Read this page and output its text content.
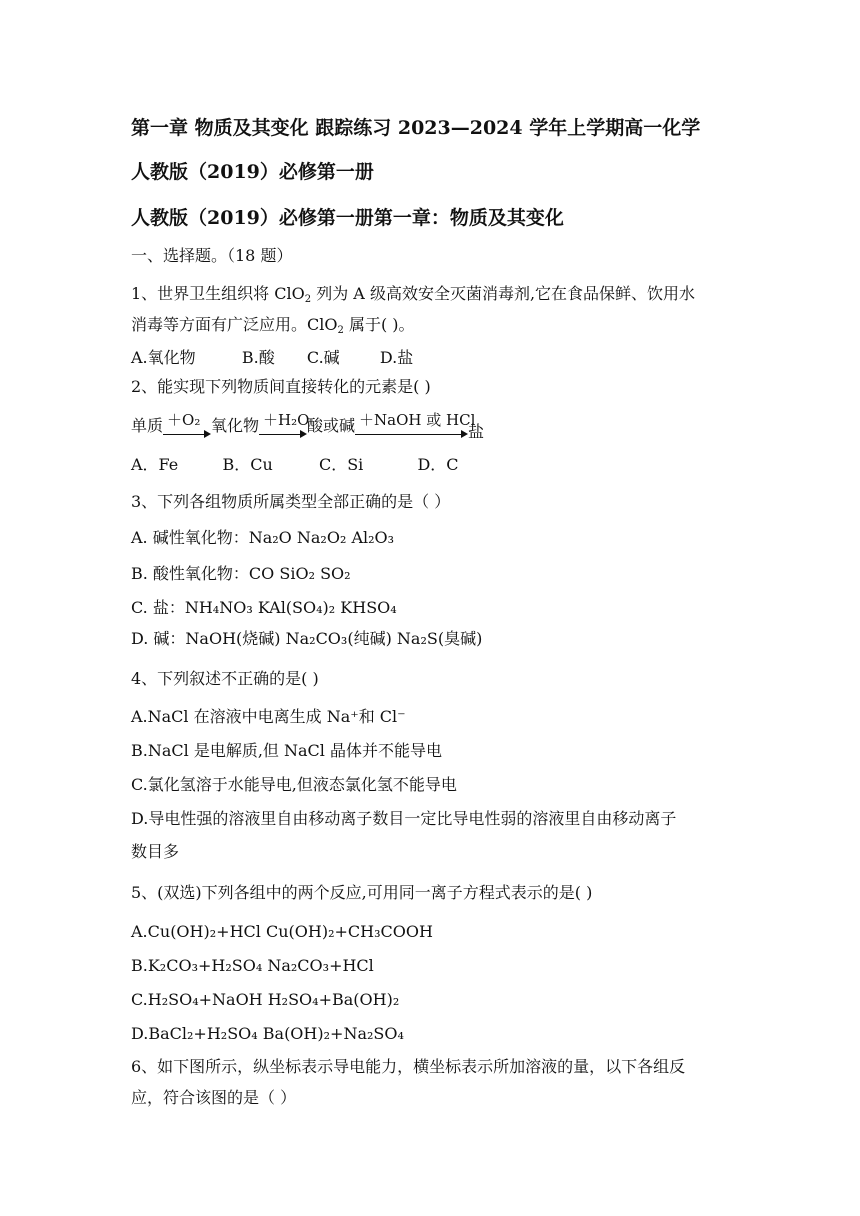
第一章 物质及其变化 跟踪练习 2023—2024 学年上学期高一化学
人教版（2019）必修第一册
人教版（2019）必修第一册第一章：物质及其变化
一、选择题。（18 题）
1、世界卫生组织将 ClO$_2$ 列为 A 级高效安全灭菌消毒剂,它在食品保鲜、饮用水
消毒等方面有广泛应用。ClO$_2$ 属于( )。
A.氧化物	B.酸 C.碱	D.盐
2、能实现下列物质间直接转化的元素是( )
单质 ＋O₂ 氧化物 ＋H₂O
酸或碱 ＋NaOH 或 HCl
盐
A．Fe	B．Cu	C．Si	D．C
3、下列各组物质所属类型全部正确的是（ ）
A. 碱性氧化物：Na₂O Na₂O₂ Al₂O₃
B. 酸性氧化物：CO SiO₂ SO₂
C. 盐：NH₄NO₃ KAl(SO₄)₂ KHSO₄
D. 碱：NaOH(烧碱) Na₂CO₃(纯碱) Na₂S(臭碱)
4、下列叙述不正确的是( )
A.NaCl 在溶液中电离生成 Na⁺和 Cl⁻
B.NaCl 是电解质,但 NaCl 晶体并不能导电
C.氯化氢溶于水能导电,但液态氯化氢不能导电
D.导电性强的溶液里自由移动离子数目一定比导电性弱的溶液里自由移动离子
数目多
5、(双选)下列各组中的两个反应,可用同一离子方程式表示的是( )
A.Cu(OH)₂+HCl Cu(OH)₂+CH₃COOH
B.K₂CO₃+H₂SO₄ Na₂CO₃+HCl
C.H₂SO₄+NaOH H₂SO₄+Ba(OH)₂
D.BaCl₂+H₂SO₄ Ba(OH)₂+Na₂SO₄
6、如下图所示，纵坐标表示导电能力，横坐标表示所加溶液的量，以下各组反
应，符合该图的是（ ）
